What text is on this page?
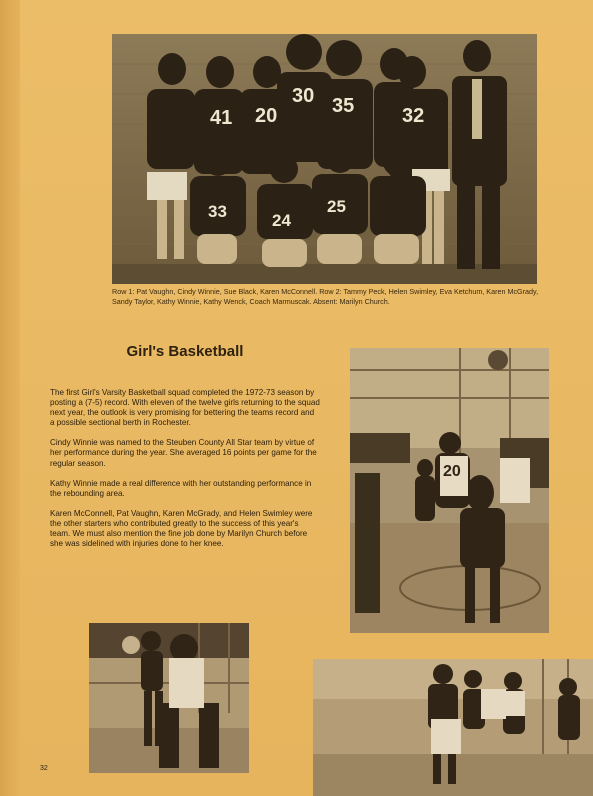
41 20
30 35 32
33	24
25
Row 1: Pat Vaughn, Cindy Winnie, Sue Black, Karen McConnell. Row 2: Tammy Peck, Helen Swimley, Eva Ketchum, Karen McGrady, Sandy Taylor, Kathy Winnie, Kathy Wenck, Coach Marmuscak. Absent: Marilyn Church.
Girl's Basketball

The first Girl's Varsity Basketball squad completed the 1972-73 season by posting a (7-5) record. With eleven of the twelve girls returning to the squad next year, the outlook is very promising for bettering the teams record and a possible sectional berth in Rochester.

Cindy Winnie was named to the Steuben County All Star team by virtue of her performance during the year. She averaged 16 points per game for the regular season.

Kathy Winnie made a real difference with her outstanding performance in the rebounding area.

Karen McConnell, Pat Vaughn, Karen McGrady, and Helen Swimley were the other starters who contributed greatly to the success of this year's team. We must also mention the fine job done by Marilyn Church before she was sidelined with injuries done to her knee.

20
32
